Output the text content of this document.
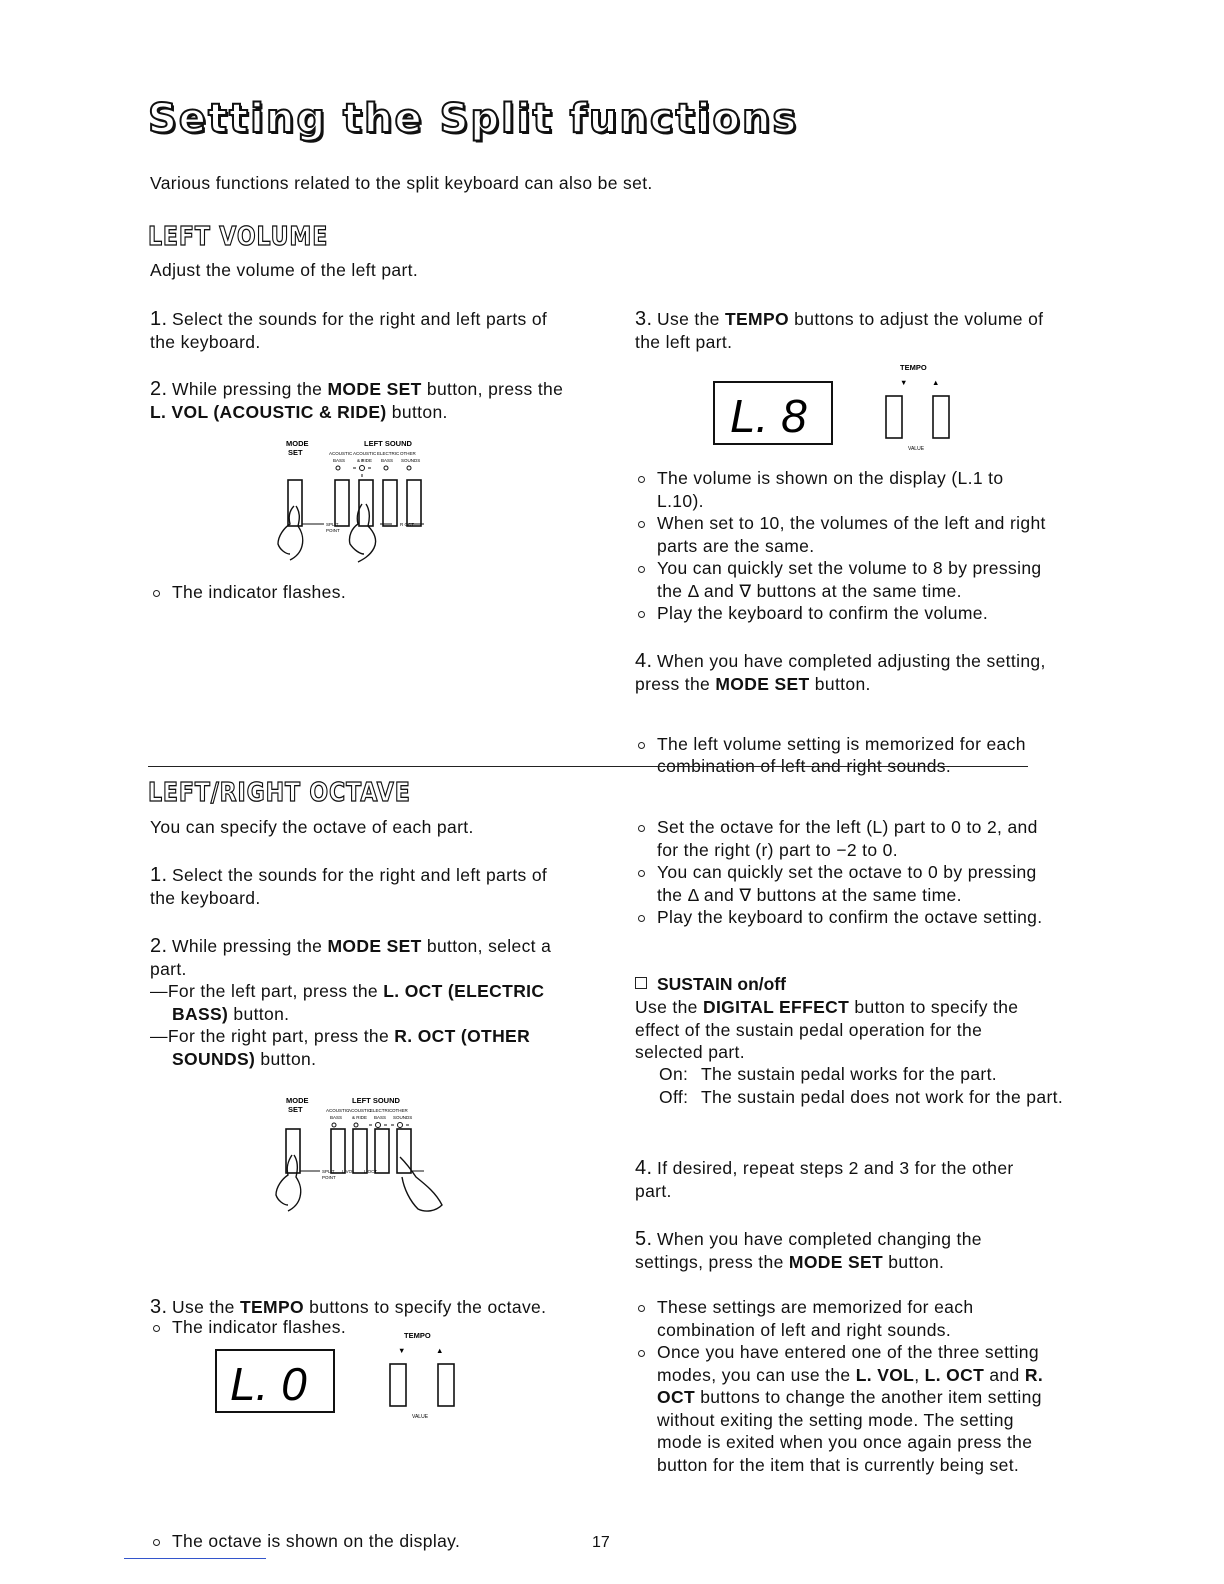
Setting the Split functions
Various functions related to the split keyboard can also be set.
LEFT VOLUME
Adjust the volume of the left part.
1. Select the sounds for the right and left parts of the keyboard.
2. While pressing the MODE SET button, press the L. VOL (ACOUSTIC & RIDE) button.
MODE
SET
LEFT SOUND
ACOUSTIC ACOUSTIC ELECTRIC OTHER
BASS	& RIDE BASS SOUNDS
SPLIT
POINT
R OCT
The indicator flashes.
3. Use the TEMPO buttons to adjust the volume of the left part.
L. 8
TEMPO
▼	▲
VALUE
The volume is shown on the display (L.1 to L.10).
When set to 10, the volumes of the left and right parts are the same.
You can quickly set the volume to 8 by pressing the Δ and ∇ buttons at the same time.
Play the keyboard to confirm the volume.
4. When you have completed adjusting the setting, press the MODE SET button.
The left volume setting is memorized for each combination of left and right sounds.
LEFT/RIGHT OCTAVE
You can specify the octave of each part.
1. Select the sounds for the right and left parts of the keyboard.
2. While pressing the MODE SET button, select a part.
—For the left part, press the L. OCT (ELECTRIC BASS) button.
—For the right part, press the R. OCT (OTHER SOUNDS) button.
MODE
SET
LEFT SOUND
ACOUSTIC
ACOUSTIC
ELECTRIC OTHER
BASS & RIDE BASS SOUNDS
SPLIT
POINT
L VOL L OCT
The indicator flashes.
3. Use the TEMPO buttons to specify the octave.
L. 0
TEMPO
▼	▲
VALUE
The octave is shown on the display.
Set the octave for the left (L) part to 0 to 2, and for the right (r) part to −2 to 0.
You can quickly set the octave to 0 by pressing the Δ and ∇ buttons at the same time.
Play the keyboard to confirm the octave setting.
SUSTAIN on/off
Use the DIGITAL EFFECT button to specify the effect of the sustain pedal operation for the selected part.
On: The sustain pedal works for the part.
Off: The sustain pedal does not work for the part.
4. If desired, repeat steps 2 and 3 for the other part.
5. When you have completed changing the settings, press the MODE SET button.
These settings are memorized for each combination of left and right sounds.
Once you have entered one of the three setting modes, you can use the L. VOL, L. OCT and R. OCT buttons to change the another item setting without exiting the setting mode. The setting mode is exited when you once again press the button for the item that is currently being set.
17
